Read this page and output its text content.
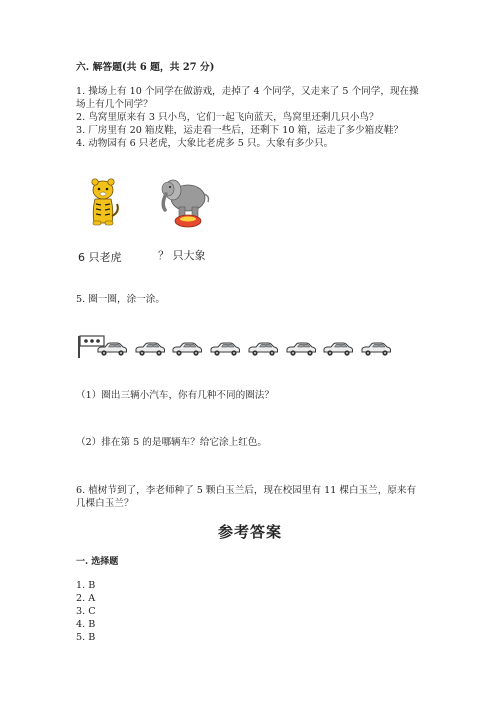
六. 解答题(共 6 题，共 27 分)
1. 操场上有 10 个同学在做游戏，走掉了 4 个同学，又走来了 5 个同学，现在操
场上有几个同学？
2. 鸟窝里原来有 3 只小鸟，它们一起飞向蓝天，鸟窝里还剩几只小鸟？
3. 厂房里有 20 箱皮鞋，运走看一些后，还剩下 10 箱，运走了多少箱皮鞋？
4. 动物园有 6 只老虎，大象比老虎多 5 只。大象有多少只。
6 只老虎	？ 只大象
5. 圈一圈，涂一涂。
（1）圈出三辆小汽车，你有几种不同的圈法？
（2）排在第 5 的是哪辆车？给它涂上红色。
6. 植树节到了，李老师种了 5 颗白玉兰后，现在校园里有 11 棵白玉兰，原来有
几棵白玉兰？
参考答案
一. 选择题
1. B
2. A
3. C
4. B
5. B
